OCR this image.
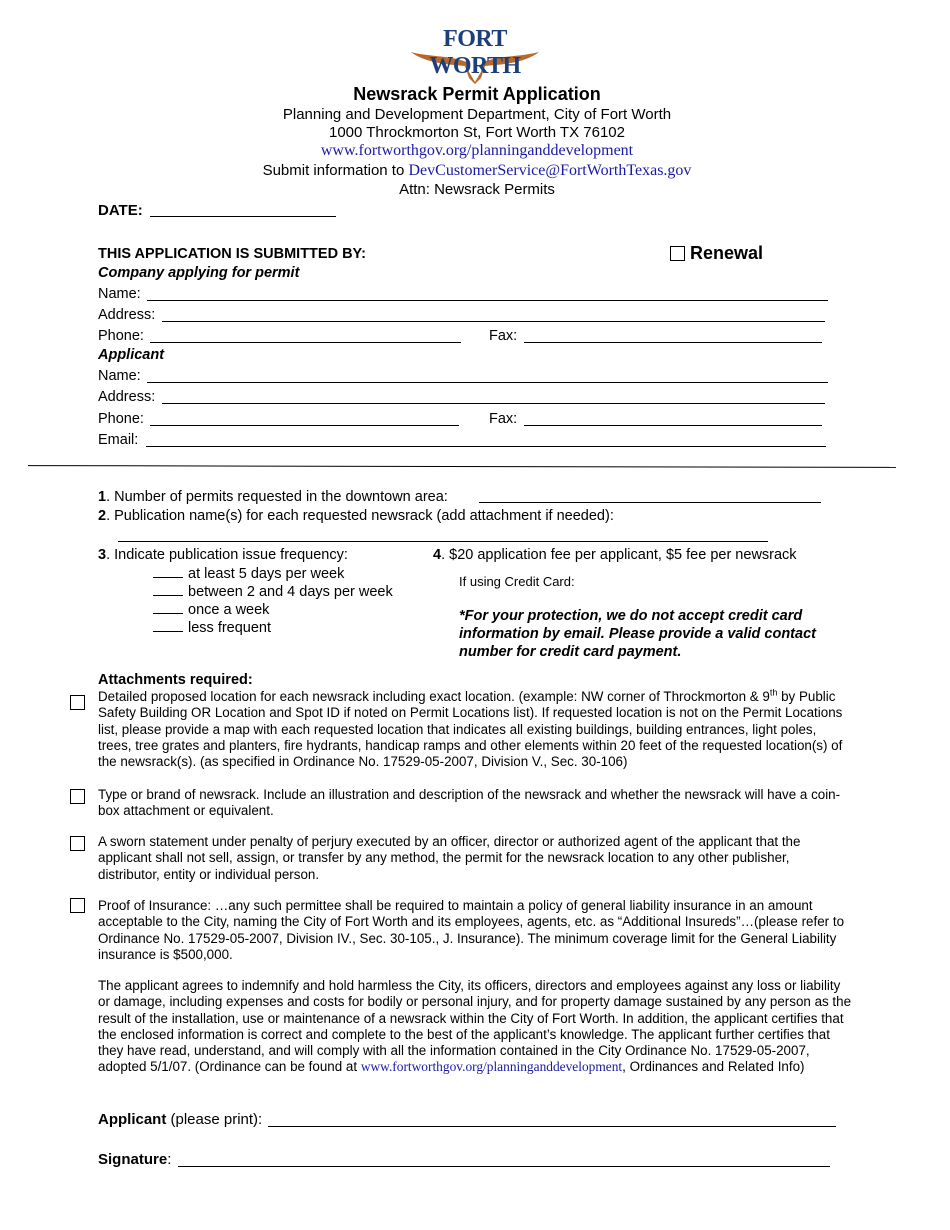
FORT WORTH
Newsrack Permit Application
Planning and Development Department, City of Fort Worth
1000 Throckmorton St, Fort Worth TX 76102
www.fortworthgov.org/planninganddevelopment
Submit information to DevCustomerService@FortWorthTexas.gov
Attn: Newsrack Permits
DATE:
THIS APPLICATION IS SUBMITTED BY:	Renewal
Company applying for permit
Name:
Address:
Phone:	Fax:
Applicant
Name:
Address:
Phone:	Fax:
Email:
1. Number of permits requested in the downtown area:
2. Publication name(s) for each requested newsrack (add attachment if needed):
3. Indicate publication issue frequency:
at least 5 days per week
between 2 and 4 days per week
once a week
less frequent
4. $20 application fee per applicant, $5 fee per newsrack
If using Credit Card:
*For your protection, we do not accept credit card information by email. Please provide a valid contact number for credit card payment.
Attachments required:
Detailed proposed location for each newsrack including exact location. (example: NW corner of Throckmorton & 9th by Public Safety Building OR Location and Spot ID if noted on Permit Locations list). If requested location is not on the Permit Locations list, please provide a map with each requested location that indicates all existing buildings, building entrances, light poles, trees, tree grates and planters, fire hydrants, handicap ramps and other elements within 20 feet of the requested location(s) of the newsrack(s). (as specified in Ordinance No. 17529-05-2007, Division V., Sec. 30-106)
Type or brand of newsrack. Include an illustration and description of the newsrack and whether the newsrack will have a coin-box attachment or equivalent.
A sworn statement under penalty of perjury executed by an officer, director or authorized agent of the applicant that the applicant shall not sell, assign, or transfer by any method, the permit for the newsrack location to any other publisher, distributor, entity or individual person.
Proof of Insurance: …any such permittee shall be required to maintain a policy of general liability insurance in an amount acceptable to the City, naming the City of Fort Worth and its employees, agents, etc. as “Additional Insureds”…(please refer to Ordinance No. 17529-05-2007, Division IV., Sec. 30-105., J. Insurance). The minimum coverage limit for the General Liability insurance is $500,000.
The applicant agrees to indemnify and hold harmless the City, its officers, directors and employees against any loss or liability or damage, including expenses and costs for bodily or personal injury, and for property damage sustained by any person as the result of the installation, use or maintenance of a newsrack within the City of Fort Worth. In addition, the applicant certifies that the enclosed information is correct and complete to the best of the applicant’s knowledge. The applicant further certifies that they have read, understand, and will comply with all the information contained in the City Ordinance No. 17529-05-2007, adopted 5/1/07. (Ordinance can be found at www.fortworthgov.org/planninganddevelopment, Ordinances and Related Info)
Applicant (please print):
Signature:
